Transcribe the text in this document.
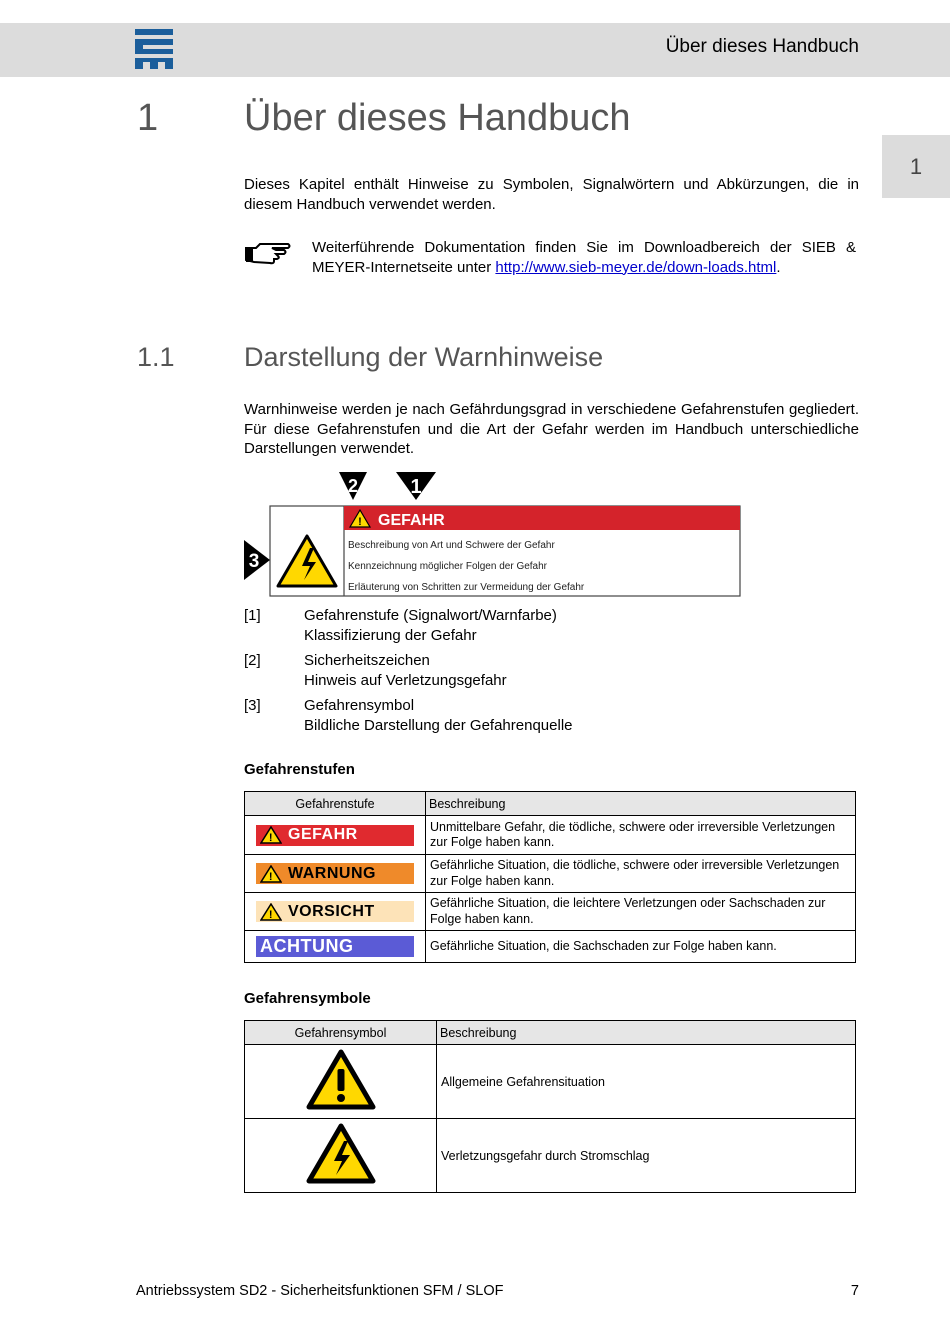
Über dieses Handbuch
1
1 Über dieses Handbuch
Dieses Kapitel enthält Hinweise zu Symbolen, Signalwörtern und Abkürzungen, die in diesem Handbuch verwendet werden.
Weiterführende Dokumentation finden Sie im Downloadbereich der SIEB & MEYER-Internetseite unter http://www.sieb-meyer.de/down-loads.html.
1.1	Darstellung der Warnhinweise
Warnhinweise werden je nach Gefährdungsgrad in verschiedene Gefahrenstufen gegliedert. Für diese Gefahrenstufen und die Art der Gefahr werden im Handbuch unterschiedliche Darstellungen verwendet.
! GEFAHR
Beschreibung von Art und Schwere der Gefahr
Kennzeichnung möglicher Folgen der Gefahr
Erläuterung von Schritten zur Vermeidung der Gefahr
2	1
3
[1]	Gefahrenstufe (Signalwort/Warnfarbe)
Klassifizierung der Gefahr
[2]	Sicherheitszeichen
Hinweis auf Verletzungsgefahr
[3]	Gefahrensymbol
Bildliche Darstellung der Gefahrenquelle
Gefahrenstufen
Gefahrenstufe	Beschreibung

! GEFAHR	Unmittelbare Gefahr, die tödliche, schwere oder irreversible Verletzungen zur Folge haben kann.

! WARNUNG	Gefährliche Situation, die tödliche, schwere oder irreversible Verletzungen zur Folge haben kann.

! VORSICHT	Gefährliche Situation, die leichtere Verletzungen oder Sachschaden zur Folge haben kann.

ACHTUNG	Gefährliche Situation, die Sachschaden zur Folge haben kann.
Gefahrensymbole
Gefahrensymbol	Beschreibung
	Allgemeine Gefahrensituation
	Verletzungsgefahr durch Stromschlag
Antriebssystem SD2 - Sicherheitsfunktionen SFM / SLOF	7
